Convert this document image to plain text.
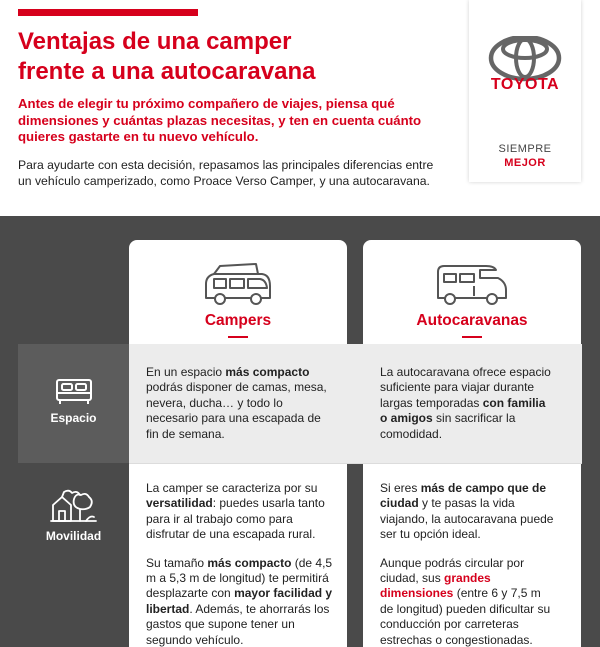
Ventajas de una camper
frente a una autocaravana

Antes de elegir tu próximo compañero de viajes, piensa qué dimensiones y cuántas plazas necesitas, y ten en cuenta cuánto quieres gastarte en tu nuevo vehículo.

Para ayudarte con esta decisión, repasamos las principales diferencias entre un vehículo camperizado, como Proace Verso Camper, y una autocaravana.

TOYOTA
SIEMPRE
MEJOR
Campers	Autocaravanas
Espacio
En un espacio más compacto podrás disponer de camas, mesa, nevera, ducha… y todo lo necesario para una escapada de fin de semana.
La autocaravana ofrece espacio suficiente para viajar durante largas temporadas con familia o amigos sin sacrificar la comodidad.
Movilidad

La camper se caracteriza por su versatilidad: puedes usarla tanto para ir al trabajo como para disfrutar de una escapada rural.

Su tamaño más compacto (de 4,5 m a 5,3 m de longitud) te permitirá desplazarte con mayor facilidad y libertad. Además, te ahorrarás los gastos que supone tener un segundo vehículo.

Si eres más de campo que de ciudad y te pasas la vida viajando, la autocaravana puede ser tu opción ideal.

Aunque podrás circular por ciudad, sus grandes dimensiones (entre 6 y 7,5 m de longitud) pueden dificultar su conducción por carreteras estrechas o congestionadas.
